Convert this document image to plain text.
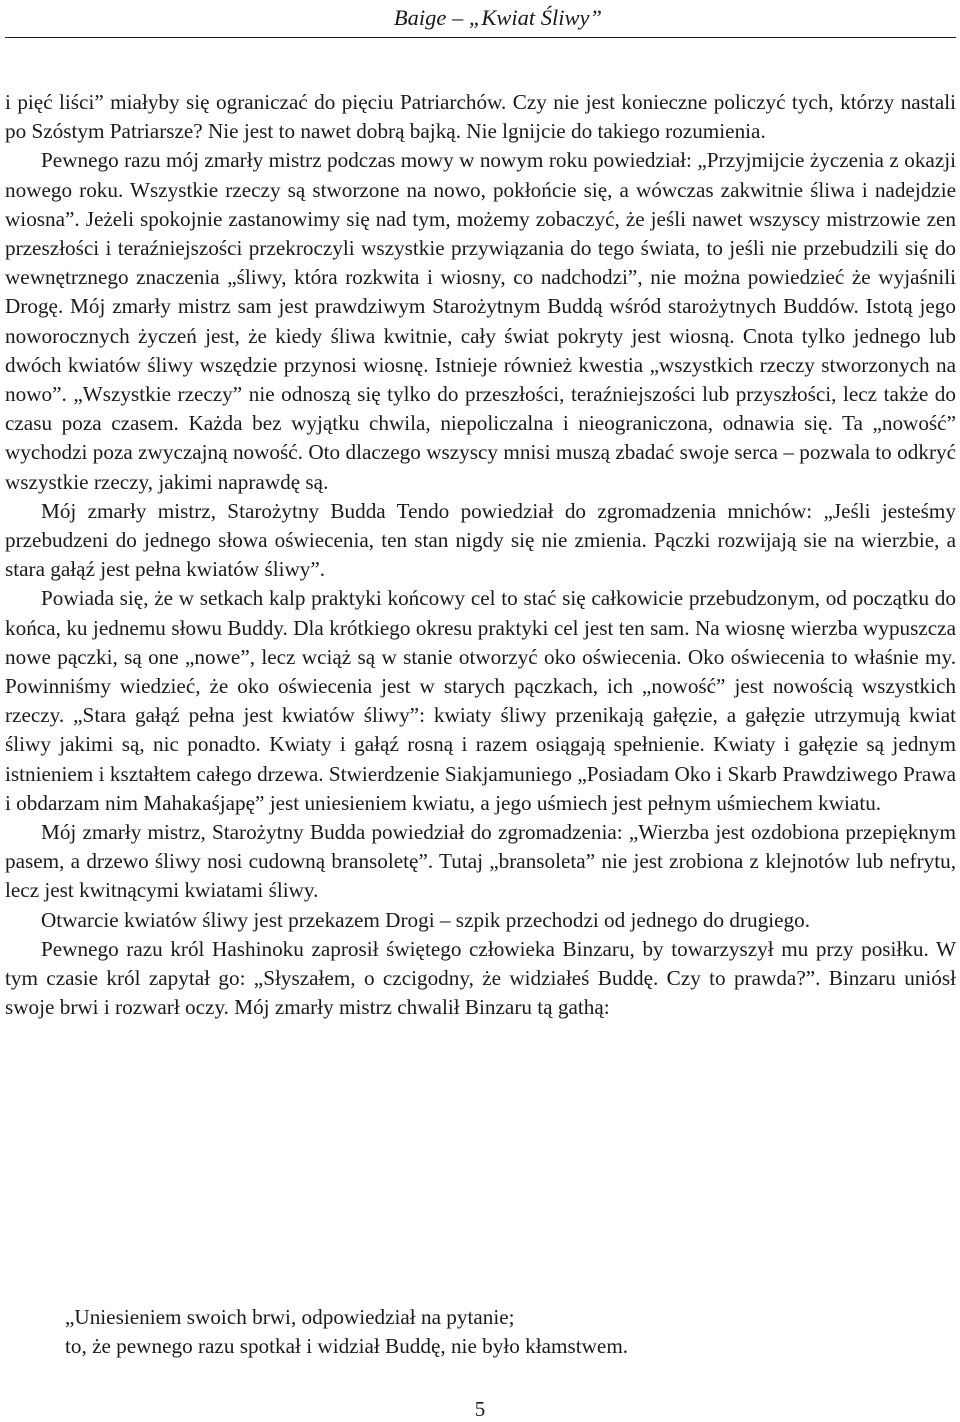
Baige – „Kwiat Śliwy”

i pięć liści” miałyby się ograniczać do pięciu Patriarchów. Czy nie jest konieczne policzyć tych, którzy nastali po Szóstym Patriarsze? Nie jest to nawet dobrą bajką. Nie lgnijcie do takiego rozumienia.

Pewnego razu mój zmarły mistrz podczas mowy w nowym roku powiedział: „Przyjmijcie życzenia z okazji nowego roku. Wszystkie rzeczy są stworzone na nowo, pokłońcie się, a wówczas zakwitnie śliwa i nadejdzie wiosna”. Jeżeli spokojnie zastanowimy się nad tym, możemy zobaczyć, że jeśli nawet wszyscy mistrzowie zen przeszłości i teraźniejszości przekroczyli wszystkie przywiązania do tego świata, to jeśli nie przebudzili się do wewnętrznego znaczenia „śliwy, która rozkwita i wiosny, co nadchodzi”, nie można powiedzieć że wyjaśnili Drogę. Mój zmarły mistrz sam jest prawdziwym Starożytnym Buddą wśród starożytnych Buddów. Istotą jego noworocznych życzeń jest, że kiedy śliwa kwitnie, cały świat pokryty jest wiosną. Cnota tylko jednego lub dwóch kwiatów śliwy wszędzie przynosi wiosnę. Istnieje również kwestia „wszystkich rzeczy stworzonych na nowo”. „Wszystkie rzeczy” nie odnoszą się tylko do przeszłości, teraźniejszości lub przyszłości, lecz także do czasu poza czasem. Każda bez wyjątku chwila, niepoliczalna i nieograniczona, odnawia się. Ta „nowość” wychodzi poza zwyczajną nowość. Oto dlaczego wszyscy mnisi muszą zbadać swoje serca – pozwala to odkryć wszystkie rzeczy, jakimi naprawdę są.

Mój zmarły mistrz, Starożytny Budda Tendo powiedział do zgromadzenia mnichów: „Jeśli jesteśmy przebudzeni do jednego słowa oświecenia, ten stan nigdy się nie zmienia. Pączki rozwijają sie na wierzbie, a stara gałąź jest pełna kwiatów śliwy”.

Powiada się, że w setkach kalp praktyki końcowy cel to stać się całkowicie przebudzonym, od początku do końca, ku jednemu słowu Buddy. Dla krótkiego okresu praktyki cel jest ten sam. Na wiosnę wierzba wypuszcza nowe pączki, są one „nowe”, lecz wciąż są w stanie otworzyć oko oświecenia. Oko oświecenia to właśnie my. Powinniśmy wiedzieć, że oko oświecenia jest w starych pączkach, ich „nowość” jest nowością wszystkich rzeczy. „Stara gałąź pełna jest kwiatów śliwy”: kwiaty śliwy przenikają gałęzie, a gałęzie utrzymują kwiat śliwy jakimi są, nic ponadto. Kwiaty i gałąź rosną i razem osiągają spełnienie. Kwiaty i gałęzie są jednym istnieniem i kształtem całego drzewa. Stwierdzenie Siakjamuniego „Posiadam Oko i Skarb Prawdziwego Prawa i obdarzam nim Mahakaśjapę” jest uniesieniem kwiatu, a jego uśmiech jest pełnym uśmiechem kwiatu.

Mój zmarły mistrz, Starożytny Budda powiedział do zgromadzenia: „Wierzba jest ozdobiona przepięknym pasem, a drzewo śliwy nosi cudowną bransoletę”. Tutaj „bransoleta” nie jest zrobiona z klejnotów lub nefrytu, lecz jest kwitnącymi kwiatami śliwy.

Otwarcie kwiatów śliwy jest przekazem Drogi – szpik przechodzi od jednego do drugiego.

Pewnego razu król Hashinoku zaprosił świętego człowieka Binzaru, by towarzyszył mu przy posiłku. W tym czasie król zapytał go: „Słyszałem, o czcigodny, że widziałeś Buddę. Czy to prawda?”. Binzaru uniósł swoje brwi i rozwarł oczy. Mój zmarły mistrz chwalił Binzaru tą gathą:

„Uniesieniem swoich brwi, odpowiedział na pytanie;
to, że pewnego razu spotkał i widział Buddę, nie było kłamstwem.
5
